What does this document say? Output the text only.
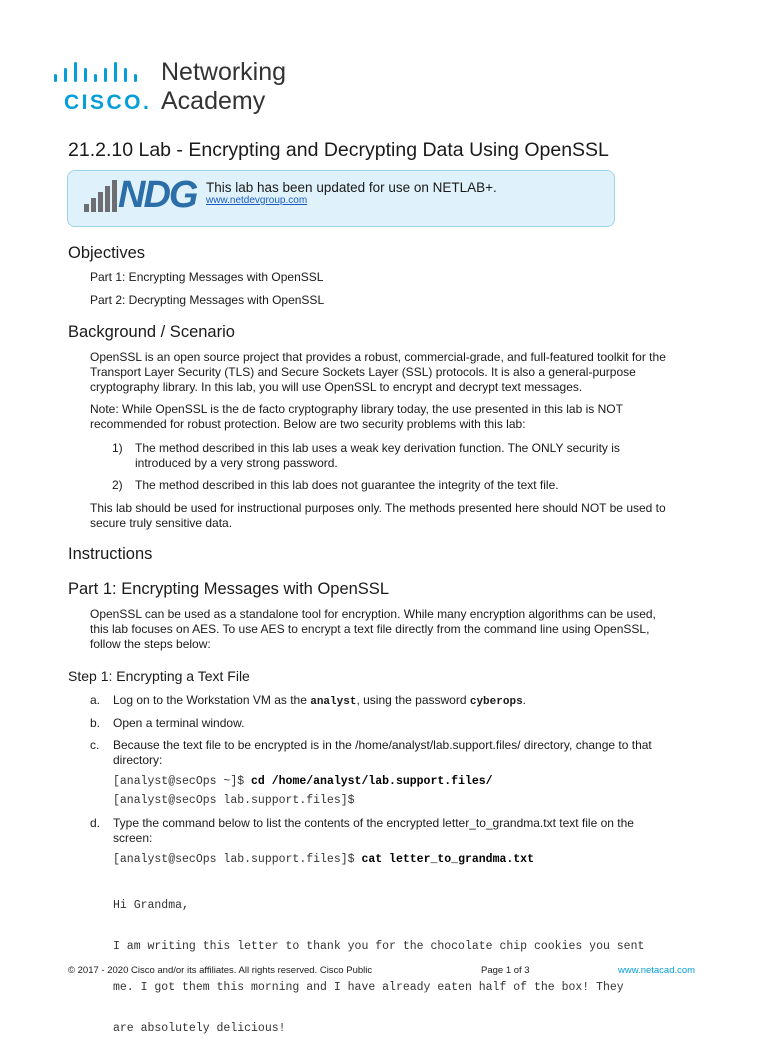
CISCO.
Networking
Academy
21.2.10 Lab - Encrypting and Decrypting Data Using OpenSSL
NDG This lab has been updated for use on NETLAB+.
www.netdevgroup.com
Objectives
Part 1: Encrypting Messages with OpenSSL
Part 2: Decrypting Messages with OpenSSL
Background / Scenario
OpenSSL is an open source project that provides a robust, commercial-grade, and full-featured toolkit for the
Transport Layer Security (TLS) and Secure Sockets Layer (SSL) protocols. It is also a general-purpose
cryptography library. In this lab, you will use OpenSSL to encrypt and decrypt text messages.
Note: While OpenSSL is the de facto cryptography library today, the use presented in this lab is NOT
recommended for robust protection. Below are two security problems with this lab:
1) The method described in this lab uses a weak key derivation function. The ONLY security is
introduced by a very strong password.
2) The method described in this lab does not guarantee the integrity of the text file.
This lab should be used for instructional purposes only. The methods presented here should NOT be used to
secure truly sensitive data.
Instructions
Part 1: Encrypting Messages with OpenSSL
OpenSSL can be used as a standalone tool for encryption. While many encryption algorithms can be used,
this lab focuses on AES. To use AES to encrypt a text file directly from the command line using OpenSSL,
follow the steps below:
Step 1: Encrypting a Text File
a. Log on to the Workstation VM as the analyst, using the password cyberops.
b. Open a terminal window.
c. Because the text file to be encrypted is in the /home/analyst/lab.support.files/ directory, change to that
directory:
[analyst@secOps ~]$ cd /home/analyst/lab.support.files/
[analyst@secOps lab.support.files]$
d. Type the command below to list the contents of the encrypted letter_to_grandma.txt text file on the
screen:
[analyst@secOps lab.support.files]$ cat letter_to_grandma.txt

Hi Grandma,

I am writing this letter to thank you for the chocolate chip cookies you sent

me. I got them this morning and I have already eaten half of the box! They

are absolutely delicious!

© 2017 - 2020 Cisco and/or its affiliates. All rights reserved. Cisco Public	Page 1 of 3	www.netacad.com
